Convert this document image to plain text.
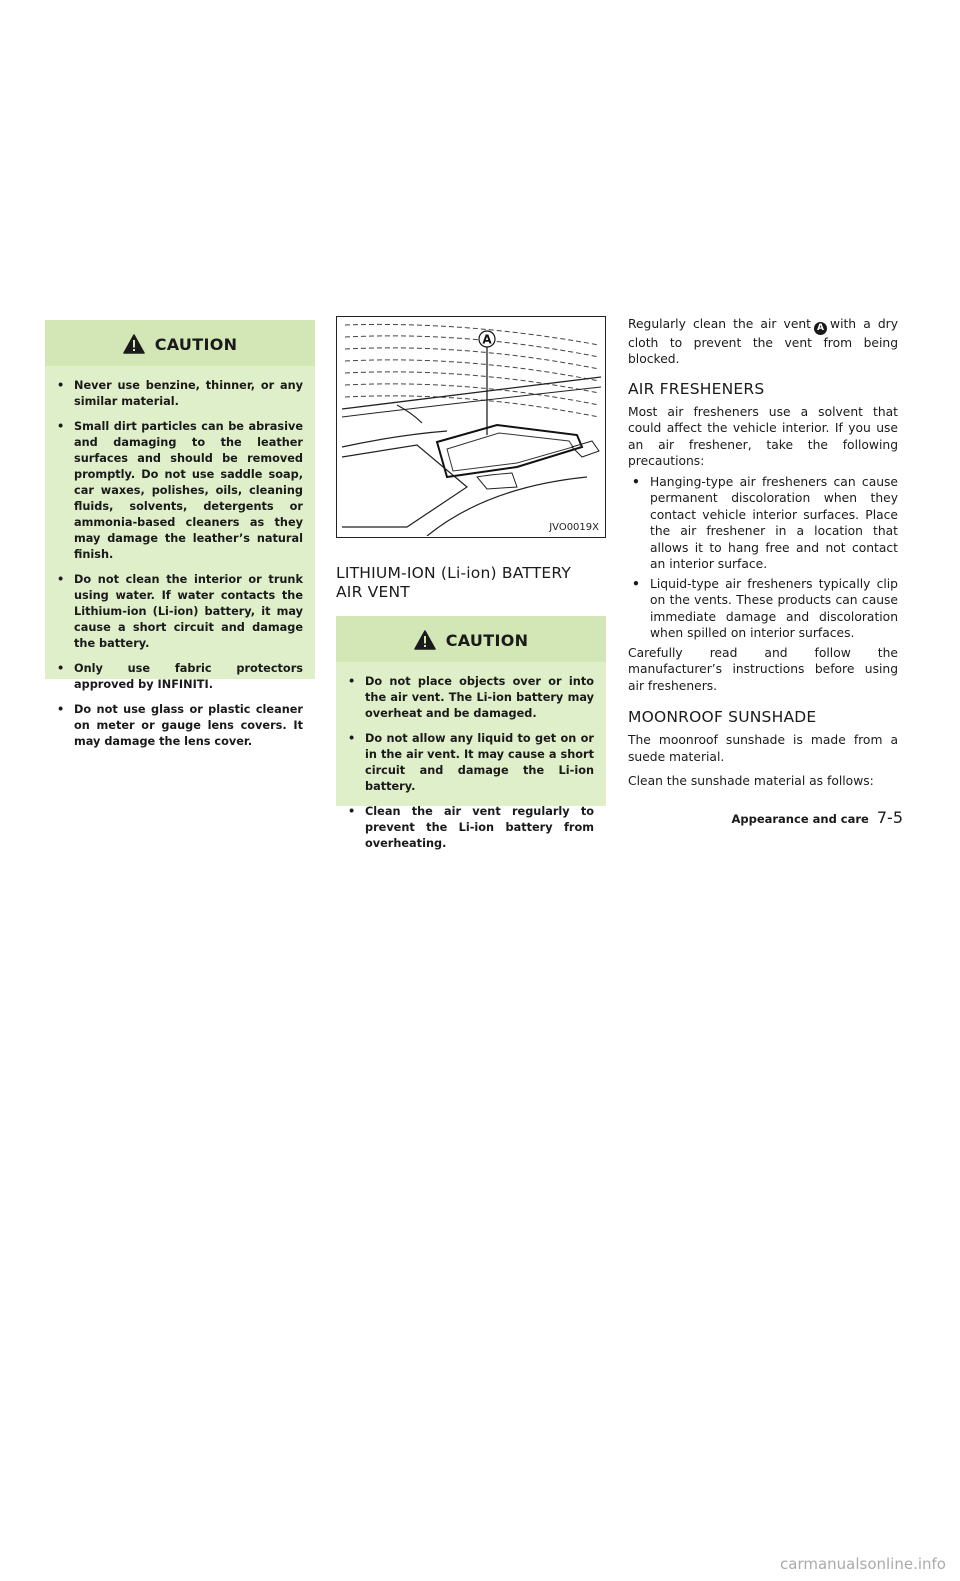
CAUTION
• Never use benzine, thinner, or any similar material.
• Small dirt particles can be abrasive and damaging to the leather surfaces and should be removed promptly. Do not use saddle soap, car waxes, polishes, oils, cleaning fluids, solvents, detergents or ammonia-based cleaners as they may damage the leather’s natural finish.
• Do not clean the interior or trunk using water. If water contacts the Lithium-ion (Li-ion) battery, it may cause a short circuit and damage the battery.
• Only use fabric protectors approved by INFINITI.
• Do not use glass or plastic cleaner on meter or gauge lens covers. It may damage the lens cover.
A
JVO0019X
LITHIUM-ION (Li-ion) BATTERY AIR VENT
CAUTION
• Do not place objects over or into the air vent. The Li-ion battery may overheat and be damaged.
• Do not allow any liquid to get on or in the air vent. It may cause a short circuit and damage the Li-ion battery.
• Clean the air vent regularly to prevent the Li-ion battery from overheating.

Regularly clean the air vent A with a dry cloth to prevent the vent from being blocked.

AIR FRESHENERS

Most air fresheners use a solvent that could affect the vehicle interior. If you use an air freshener, take the following precautions:

• Hanging-type air fresheners can cause permanent discoloration when they contact vehicle interior surfaces. Place the air freshener in a location that allows it to hang free and not contact an interior surface.
• Liquid-type air fresheners typically clip on the vents. These products can cause immediate damage and discoloration when spilled on interior surfaces.

Carefully read and follow the manufacturer’s instructions before using air fresheners.

MOONROOF SUNSHADE

The moonroof sunshade is made from a suede material.

Clean the sunshade material as follows:

Appearance and care 7-5
carmanualsonline.info
